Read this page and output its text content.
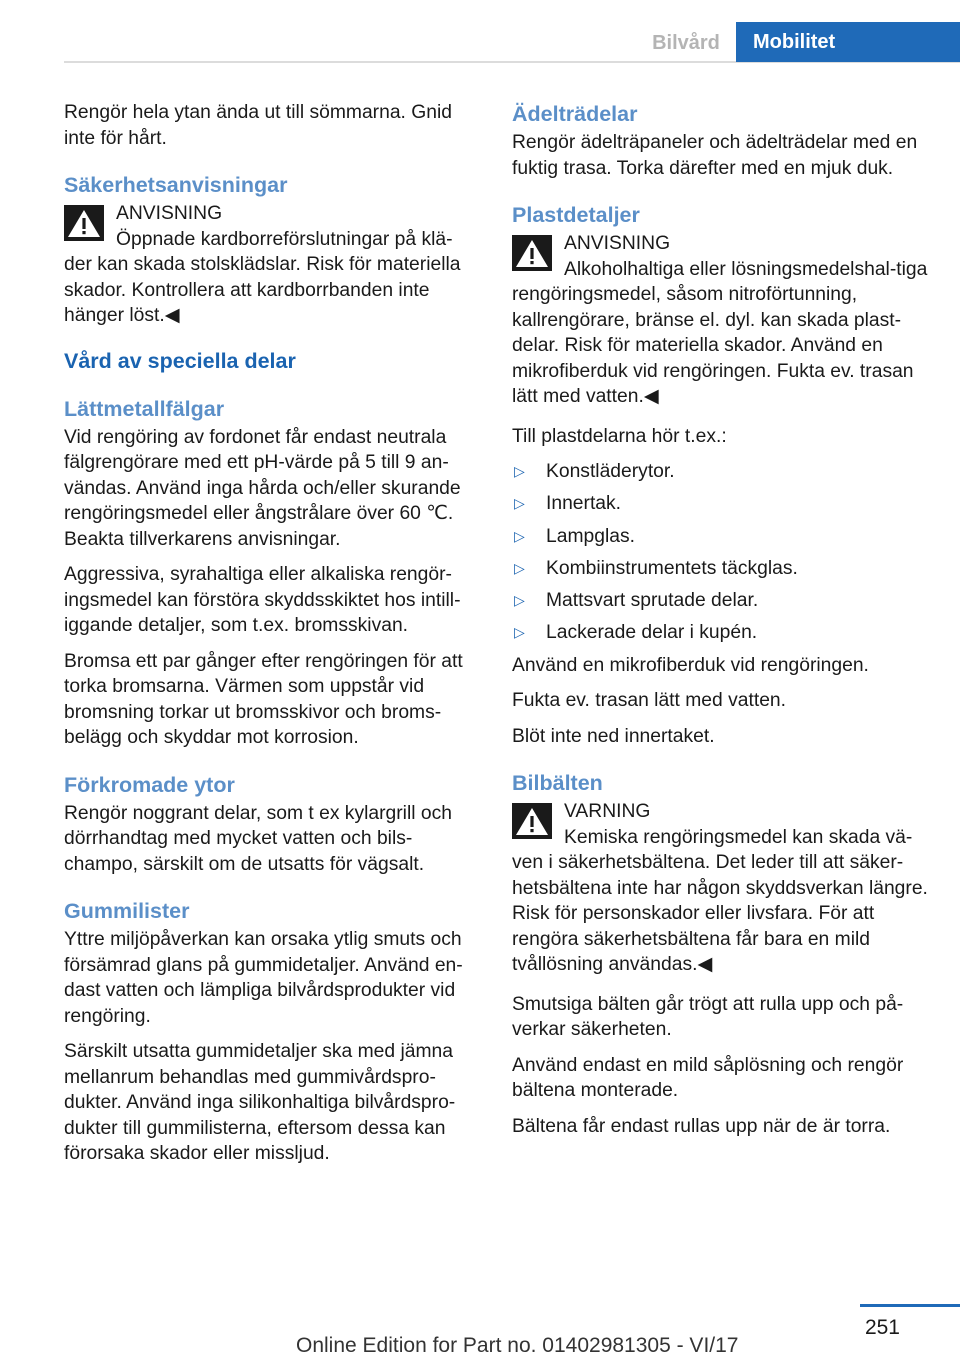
Bilvård	Mobilitet

Rengör hela ytan ända ut till sömmarna. Gnid inte för hårt.

Säkerhetsanvisningar
ANVISNING
Öppnade kardborreförslutningar på klä-der kan skada stolsklädslar. Risk för materiella skador. Kontrollera att kardborrbanden inte hänger löst.◀
Vård av speciella delar
Lättmetallfälgar

Vid rengöring av fordonet får endast neutrala fälgrengörare med ett pH-värde på 5 till 9 an-vändas. Använd inga hårda och/eller skurande rengöringsmedel eller ångstrålare över 60 ℃. Beakta tillverkarens anvisningar.

Aggressiva, syrahaltiga eller alkaliska rengör-ingsmedel kan förstöra skyddsskiktet hos intill-iggande detaljer, som t.ex. bromsskivan.

Bromsa ett par gånger efter rengöringen för att torka bromsarna. Värmen som uppstår vid bromsning torkar ut bromsskivor och broms-belägg och skyddar mot korrosion.

Förkromade ytor

Rengör noggrant delar, som t ex kylargrill och dörrhandtag med mycket vatten och bils-champo, särskilt om de utsatts för vägsalt.

Gummilister

Yttre miljöpåverkan kan orsaka ytlig smuts och försämrad glans på gummidetaljer. Använd en-dast vatten och lämpliga bilvårdsprodukter vid rengöring.

Särskilt utsatta gummidetaljer ska med jämna mellanrum behandlas med gummivårdspro-dukter. Använd inga silikonhaltiga bilvårdspro-dukter till gummilisterna, eftersom dessa kan förorsaka skador eller missljud.

Ädelträdelar

Rengör ädelträpaneler och ädelträdelar med en fuktig trasa. Torka därefter med en mjuk duk.

Plastdetaljer
ANVISNING
Alkoholhaltiga eller lösningsmedelshal-tiga rengöringsmedel, såsom nitroförtunning, kallrengörare, bränse el. dyl. kan skada plast-delar. Risk för materiella skador. Använd en mikrofiberduk vid rengöringen. Fukta ev. trasan lätt med vatten.◀

Till plastdelarna hör t.ex.:

▷ Konstläderytor.
▷ Innertak.
▷ Lampglas.
▷ Kombiinstrumentets täckglas.
▷ Mattsvart sprutade delar.
▷ Lackerade delar i kupén.

Använd en mikrofiberduk vid rengöringen.

Fukta ev. trasan lätt med vatten.

Blöt inte ned innertaket.

Bilbälten
VARNING
Kemiska rengöringsmedel kan skada vä-ven i säkerhetsbältena. Det leder till att säker-hetsbältena inte har någon skyddsverkan längre. Risk för personskador eller livsfara. För att rengöra säkerhetsbältena får bara en mild tvållösning användas.◀

Smutsiga bälten går trögt att rulla upp och på-verkar säkerheten.

Använd endast en mild såplösning och rengör bältena monterade.

Bältena får endast rullas upp när de är torra.

251
Online Edition for Part no. 01402981305 - VI/17
